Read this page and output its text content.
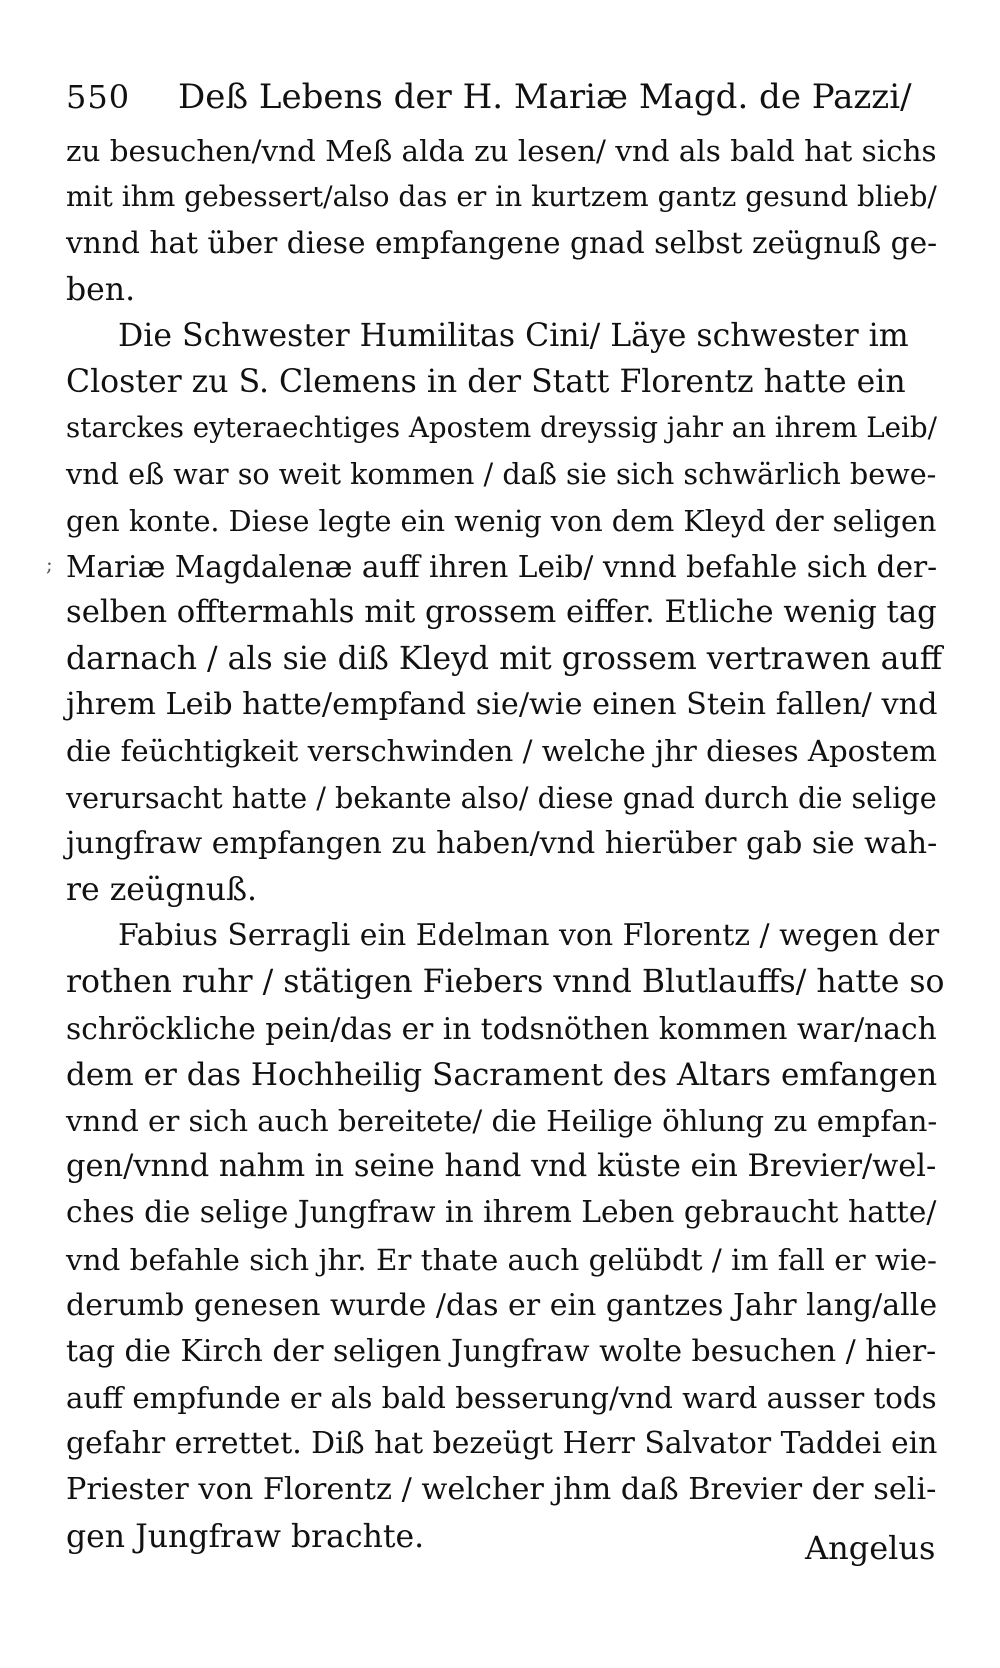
550 Deß Lebens der H. Mariæ Magd. de Pazzi/
;
zu besuchen/vnd Meß alda zu lesen/ vnd als bald hat sichs
mit ihm gebessert/also das er in kurtzem gantz gesund blieb/
vnnd hat über diese empfangene gnad selbst zeügnuß ge-
ben.
Die Schwester Humilitas Cini/ Läye schwester im
Closter zu S. Clemens in der Statt Florentz hatte ein
starckes eyteraechtiges Apostem dreyssig jahr an ihrem Leib/
vnd eß war so weit kommen / daß sie sich schwärlich bewe-
gen konte. Diese legte ein wenig von dem Kleyd der seligen
Mariæ Magdalenæ auff ihren Leib/ vnnd befahle sich der-
selben offtermahls mit grossem eiffer. Etliche wenig tag
darnach / als sie diß Kleyd mit grossem vertrawen auff
jhrem Leib hatte/empfand sie/wie einen Stein fallen/ vnd
die feüchtigkeit verschwinden / welche jhr dieses Apostem
verursacht hatte / bekante also/ diese gnad durch die selige
jungfraw empfangen zu haben/vnd hierüber gab sie wah-
re zeügnuß.
Fabius Serragli ein Edelman von Florentz / wegen der
rothen ruhr / stätigen Fiebers vnnd Blutlauffs/ hatte so
schröckliche pein/das er in todsnöthen kommen war/nach
dem er das Hochheilig Sacrament des Altars emfangen
vnnd er sich auch bereitete/ die Heilige öhlung zu empfan-
gen/vnnd nahm in seine hand vnd küste ein Brevier/wel-
ches die selige Jungfraw in ihrem Leben gebraucht hatte/
vnd befahle sich jhr. Er thate auch gelübdt / im fall er wie-
derumb genesen wurde /das er ein gantzes Jahr lang/alle
tag die Kirch der seligen Jungfraw wolte besuchen / hier-
auff empfunde er als bald besserung/vnd ward ausser tods
gefahr errettet. Diß hat bezeügt Herr Salvator Taddei ein
Priester von Florentz / welcher jhm daß Brevier der seli-
gen Jungfraw brachte.	Angelus
